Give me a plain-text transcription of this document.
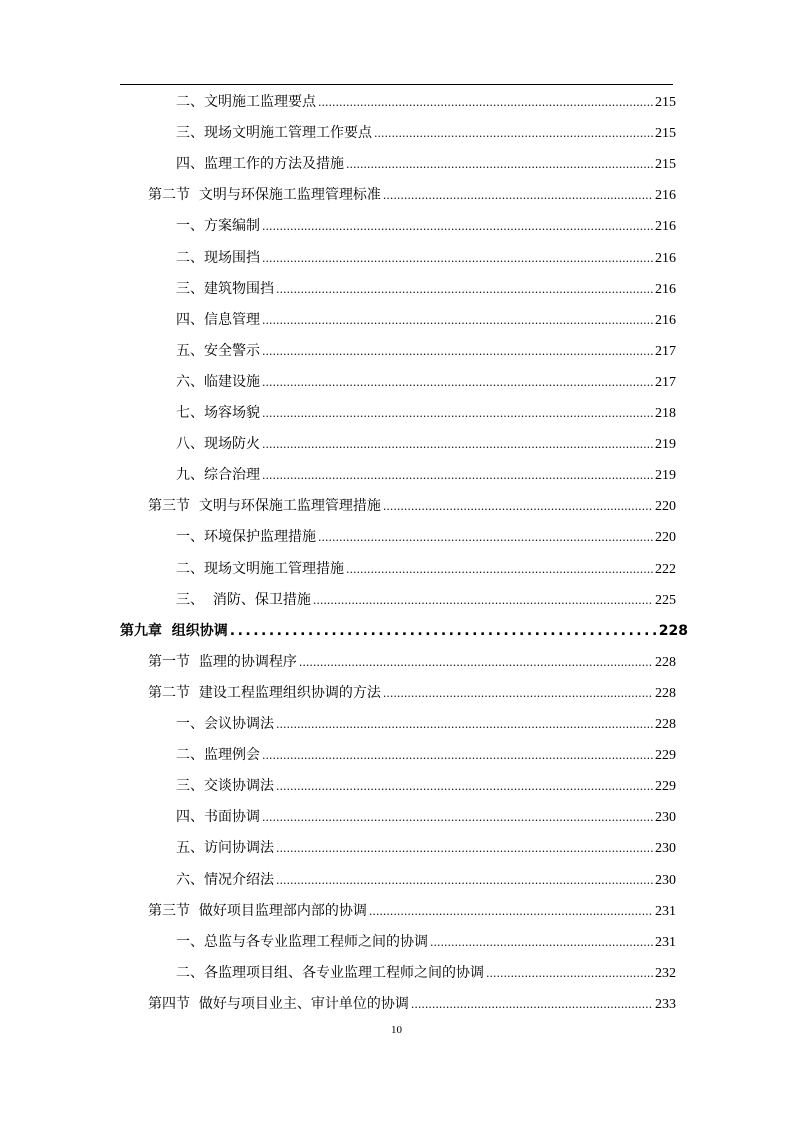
二、文明施工监理要点 .....	215
三、现场文明施工管理工作要点 .....	215
四、监理工作的方法及措施 .....	215
第二节  文明与环保施工监理管理标准 .....	216
一、方案编制 .....	216
二、现场围挡 .....	216
三、建筑物围挡 .....	216
四、信息管理 .....	216
五、安全警示 .....	217
六、临建设施 .....	217
七、场容场貌 .....	218
八、现场防火 .....	219
九、综合治理 .....	219
第三节  文明与环保施工监理管理措施 .....	220
一、环境保护监理措施 .....	220
二、现场文明施工管理措施 .....	222
三、  消防、保卫措施 .....	225
第九章  组织协调 .....	228
第一节  监理的协调程序 .....	228
第二节  建设工程监理组织协调的方法 .....	228
一、会议协调法 .....	228
二、监理例会 .....	229
三、交谈协调法 .....	229
四、书面协调 .....	230
五、访问协调法 .....	230
六、情况介绍法 .....	230
第三节  做好项目监理部内部的协调 .....	231
一、总监与各专业监理工程师之间的协调 .....	231
二、各监理项目组、各专业监理工程师之间的协调 .....	232
第四节  做好与项目业主、审计单位的协调 .....	233
10
